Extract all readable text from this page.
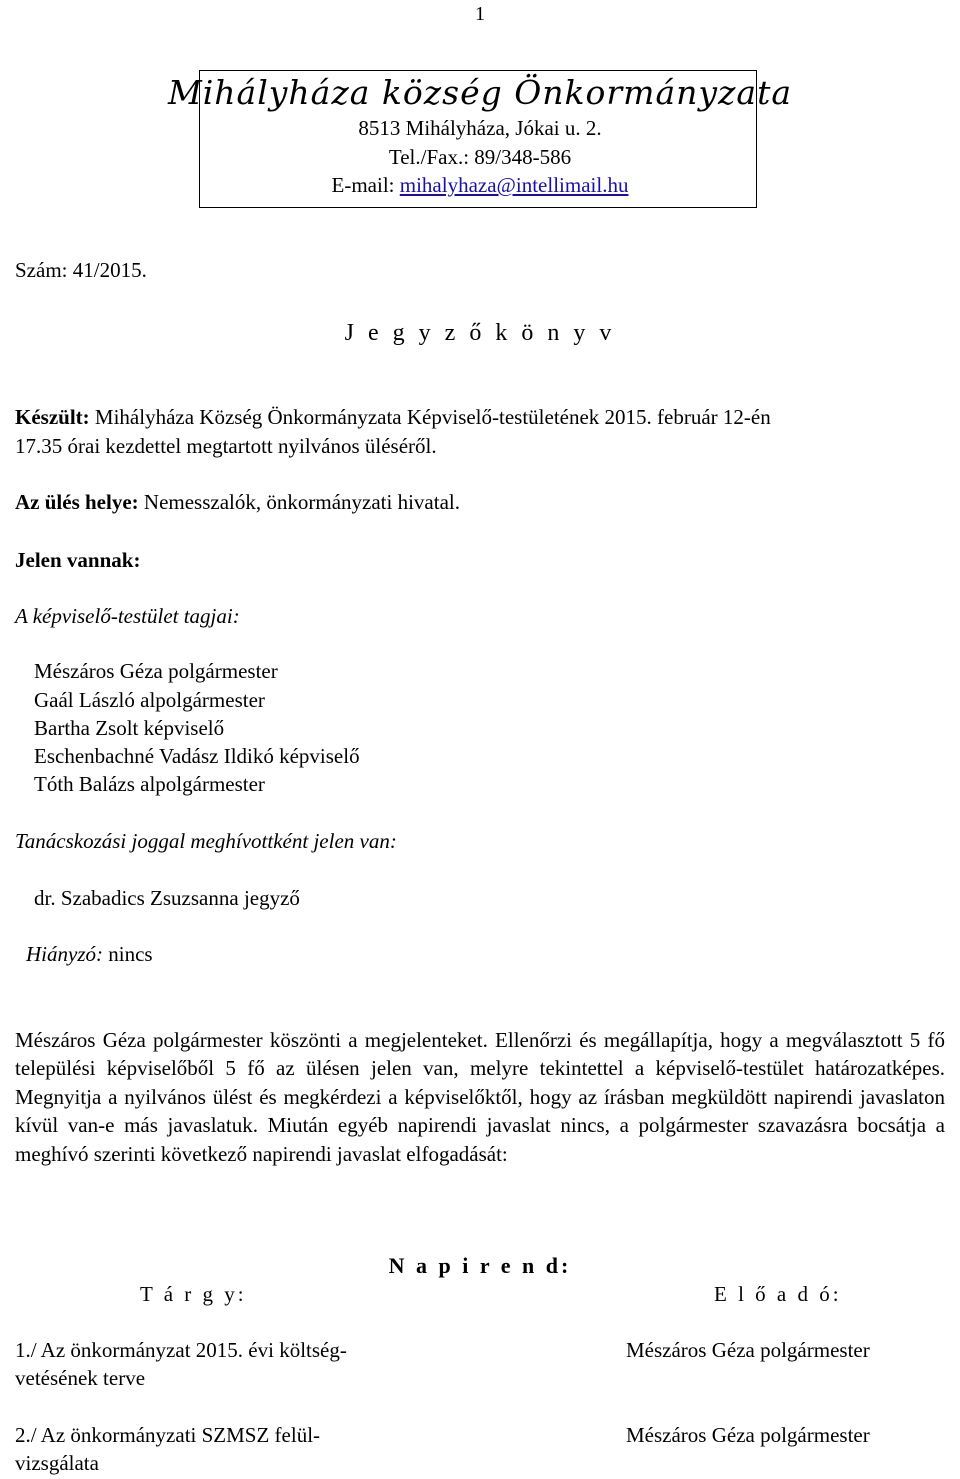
1
Mihályháza község Önkormányzata
8513 Mihályháza, Jókai u. 2.
Tel./Fax.: 89/348-586
E-mail: mihalyhaza@intellimail.hu
Szám: 41/2015.
J e g y z ő k ö n y v
Készült: Mihályháza Község Önkormányzata Képviselő-testületének 2015. február 12-én
17.35 órai kezdettel megtartott nyilvános üléséről.
Az ülés helye: Nemesszalók, önkormányzati hivatal.
Jelen vannak:
A képviselő-testület tagjai:
Mészáros Géza polgármester
Gaál László alpolgármester
Bartha Zsolt képviselő
Eschenbachné Vadász Ildikó képviselő
Tóth Balázs alpolgármester
Tanácskozási joggal meghívottként jelen van:
dr. Szabadics Zsuzsanna jegyző
Hiányzó: nincs
Mészáros Géza polgármester köszönti a megjelenteket. Ellenőrzi és megállapítja, hogy a megválasztott 5 fő települési képviselőből 5 fő az ülésen jelen van, melyre tekintettel a képviselő-testület határozatképes. Megnyitja a nyilvános ülést és megkérdezi a képviselőktől, hogy az írásban megküldött napirendi javaslaton kívül van-e más javaslatuk. Miután egyéb napirendi javaslat nincs, a polgármester szavazásra bocsátja a meghívó szerinti következő napirendi javaslat elfogadását:
N a p i r e n d:
T á r g y:	E l ő a d ó:
1./ Az önkormányzat 2015. évi költség-
vetésének terve
Mészáros Géza polgármester
2./ Az önkormányzati SZMSZ felül-
vizsgálata
Mészáros Géza polgármester
